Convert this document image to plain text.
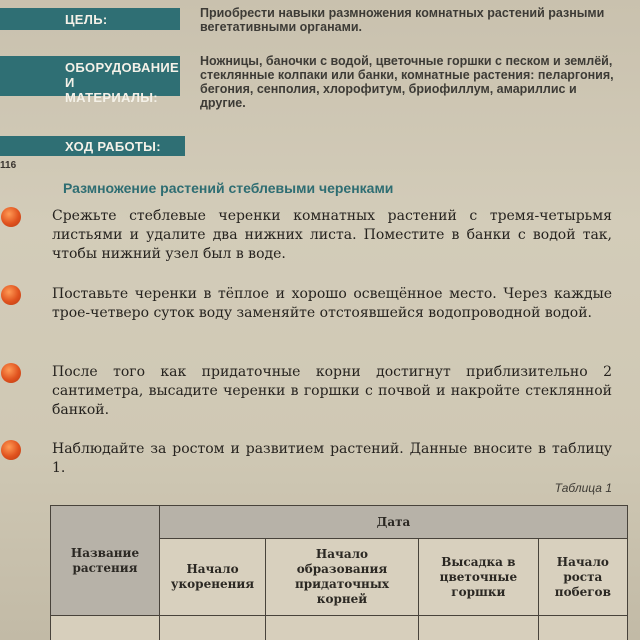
ЦЕЛЬ:	Приобрести навыки размножения комнатных растений разными вегетативными органами.
ОБОРУДОВАНИЕ
И МАТЕРИАЛЫ:
Ножницы, баночки с водой, цветочные горшки с песком и землёй, стеклянные колпаки или банки, комнатные растения: пеларгония, бегония, сенполия, хлорофитум, бриофиллум, амариллис и другие.
ХОД РАБОТЫ:
116
Размножение растений стеблевыми черенками
Срежьте стеблевые черенки комнатных растений с тремя-четырьмя листьями и удалите два нижних листа. Поместите в банки с водой так, чтобы нижний узел был в воде.
Поставьте черенки в тёплое и хорошо освещённое место. Через каждые трое-четверо суток воду заменяйте отстоявшейся водопроводной водой.
После того как придаточные корни достигнут приблизительно 2 сантиметра, высадите черенки в горшки с почвой и накройте стеклянной банкой.
Наблюдайте за ростом и развитием растений. Данные вносите в таблицу 1.
Таблица 1
Название растения	Дата			
	Начало укоренения	Начало образования придаточных корней	Высадка в цветочные горшки	Начало роста побегов
